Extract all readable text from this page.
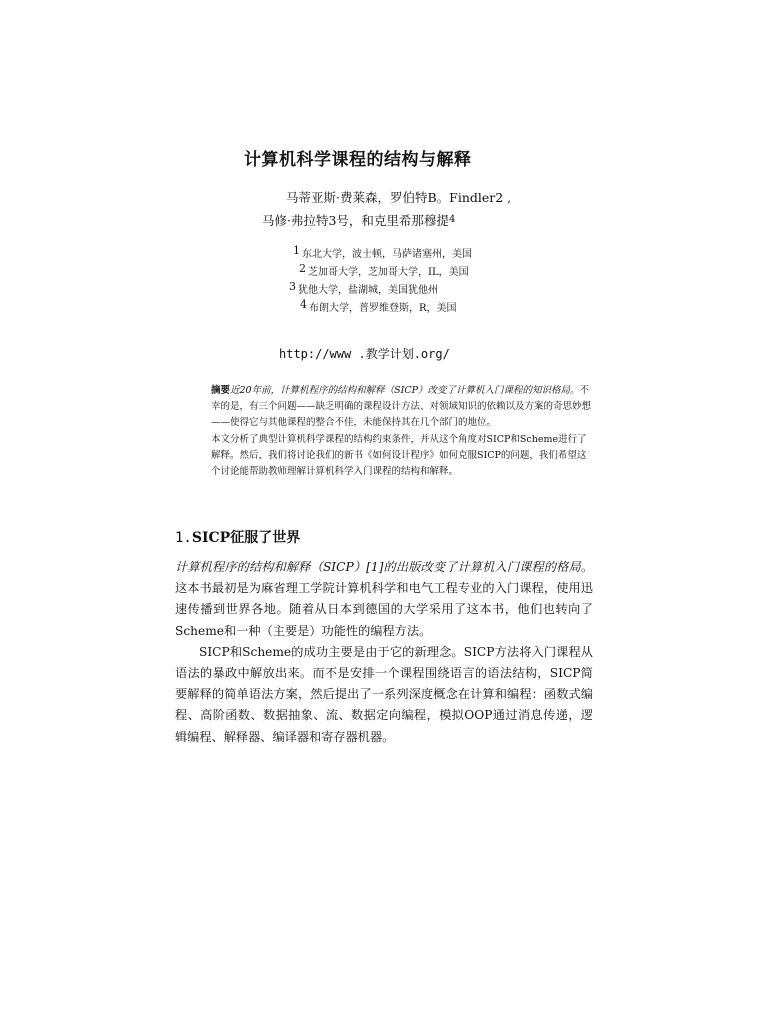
计算机科学课程的结构与解释
马蒂亚斯·费莱森，罗伯特B。Findler2 ,
马修·弗拉特3号，和克里希那穆提$^4$
1 东北大学，波士顿，马萨诸塞州，美国
2 芝加哥大学，芝加哥大学，IL，美国
3 犹他大学，盐湖城，美国犹他州
4 布朗大学，普罗维登斯，R，美国
http://www .教学计划.org/

摘要近20年前，计算机程序的结构和解释（SICP）改变了计算机入门课程的知识格局。不幸的是，有三个问题——缺乏明确的课程设计方法、对领域知识的依赖以及方案的奇思妙想——使得它与其他课程的整合不佳，未能保持其在几个部门的地位。

本文分析了典型计算机科学课程的结构约束条件，并从这个角度对SICP和Scheme进行了解释。然后，我们将讨论我们的新书《如何设计程序》如何克服SICP的问题，我们希望这个讨论能帮助教师理解计算机科学入门课程的结构和解释。

1.SICP征服了世界

计算机程序的结构和解释（SICP）[1]的出版改变了计算机入门课程的格局。这本书最初是为麻省理工学院计算机科学和电气工程专业的入门课程，使用迅速传播到世界各地。随着从日本到德国的大学采用了这本书，他们也转向了Scheme和一种（主要是）功能性的编程方法。

SICP和Scheme的成功主要是由于它的新理念。SICP方法将入门课程从语法的暴政中解放出来。而不是安排一个课程围绕语言的语法结构，SICP简要解释的简单语法方案，然后提出了一系列深度概念在计算和编程：函数式编程、高阶函数、数据抽象、流、数据定向编程，模拟OOP通过消息传递，逻辑编程、解释器、编译器和寄存器机器。
